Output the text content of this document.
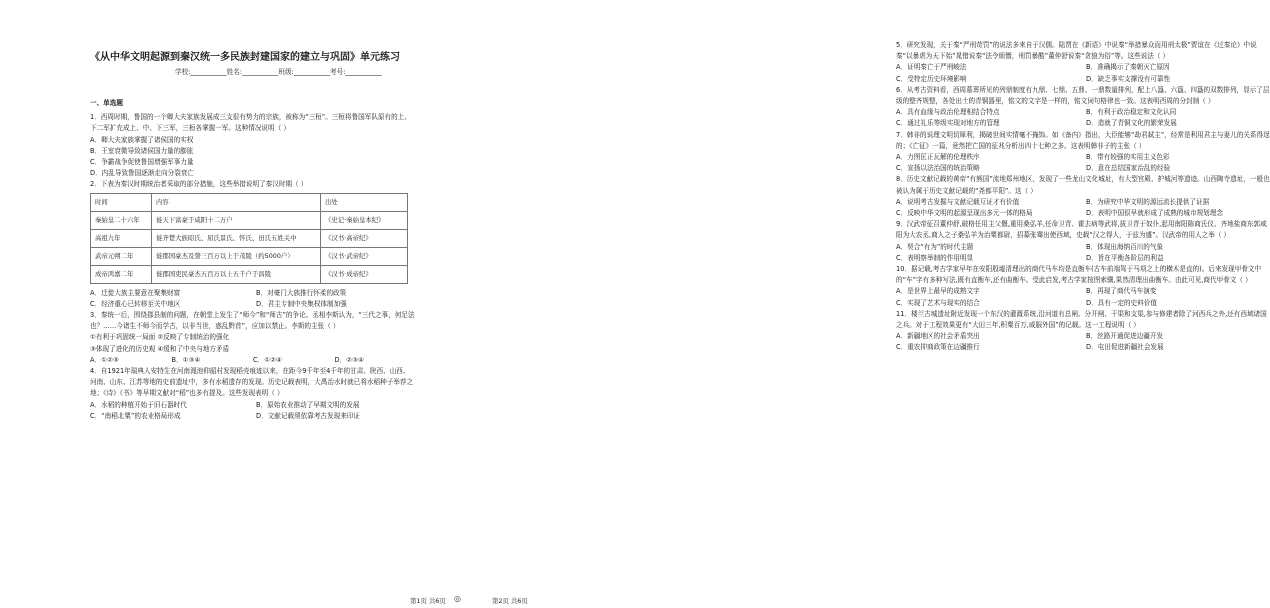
《从中华文明起源到秦汉统一多民族封建国家的建立与巩固》单元练习
学校:___________姓名:___________班级:___________考号:___________
一、单选题

1．西周时期，鲁国的一个卿大夫家族发展成三支很有势力的宗族，被称为“三桓”。三桓将鲁国军队原有的上、下二军扩充成上、中、下三军，三桓各掌握一军。这种情况说明（ ）

A．卿大夫家族掌握了诸侯国的实权
B．王室衰微导致诸侯国力量的膨胀
C．争霸战争促使鲁国增强军事力量
D．内乱导致鲁国逐渐走向分裂衰亡

2．下表为秦汉时期统治者采取的部分措施，这些举措说明了秦汉时期（ ）

时间	内容	出处
秦始皇二十六年	徙天下富豪于咸阳十二万户	《史记·秦始皇本纪》
高祖九年	徙齐楚大族昭氏、屈氏景氏、怀氏、田氏五姓关中	《汉书·高帝纪》
武帝元朔二年	徙郡国豪杰及訾三百万以上于茂陵（约5000户）	《汉书·武帝纪》
成帝鸿嘉二年	徙郡国吏民豪杰五百万以上五千户于昌陵	《汉书·成帝纪》
A．迁徙大族主要意在聚集财富	B．对豪门大族推行怀柔的政策
C．经济重心已转移至关中地区	D．君主专制中央集权体制加强

3．秦统一后，围绕郡县制的问题，在朝堂上发生了“师今”和“师古”的争论。丞相李斯认为，“三代之事，何足法也？……今诸生不师今而学古，以非当世，惑乱黔首”，应加以禁止。李斯的主张（ ）

①有利于巩固统一局面 ②反映了专制统治的强化

③体现了进化的历史观 ④缓和了中央与地方矛盾

A．①②③	B．①③④	C．①②④	D．②③④

4．自1921年瑞典人安特生在河南渑池仰韶村发现稻壳痕迹以来，在距今9千年至4千年的甘肃、陕西、山西、河南、山东、江苏等地的史前遗址中，多有水稻遗存的发现。历史记载表明，大禹治水时就已将水稻种子举荐之地；《诗》《书》等早期文献对“稻”也多有提及。这些发现表明（ ）

A．水稻的种植开始于旧石器时代	B．原始农业推动了早期文明的发展
C．“南稻北粟”的农业格局形成	D．文献记载须依靠考古发现来印证

5．研究发现，关于秦“严刑苛罚”的说法多来自于汉儒。陆贾在《新语》中说秦“举措暴众而用刑太极”贾谊在《过秦论》中说秦“以暴虐为天下始”晁错说秦“法令烦憯，刑罚暴酷”董仲舒说秦“贪狼为俗”等。这些说法（ ）

A．证明秦亡于严刑峻法	B．准确揭示了秦朝灭亡原因
C．受特定历史环境影响	D．缺乏事实支撑没有可靠性

6．从考古资料看，西周墓葬所见的列鼎制度有九鼎、七鼎、五鼎、一鼎数量排列，配上八簋、六簋、四簋的双数排列，显示了层级的整齐规整，各处出土的青铜器里，铭文的文字是一样的，铭文词句格律也一致。这表明西周的分封制（ ）

A．具有血缘与政治伦理相结合特点	B．有利于政治稳定和文化认同
C．通过礼乐等级实现对地方的管理	D．造就了青铜文化的繁荣发展

7．韩非的说理文明切犀利，揭破世间实情毫不掩饰。如《备内》指出，大臣能够“劫君弑主”，经常是利用君主与妻儿的关系得逞的；《亡征》一篇，竟然把亡国的征兆分析出四十七种之多。这表明韩非子的主张（ ）

A．力图匡正瓦解的伦理秩序	B．带有较强的实用主义色彩
C．宣扬以法治国的统治策略	D．意在总结国家治乱的经验

8．历史文献记载的黄帝“有熊国”流地郑州地区，发现了一些龙山文化城址，有大型宫殿、护城河等遗迹。山西陶寺遗址，一般也被认为属于历史文献记载的“尧都平阳”。这（ ）

A．说明考古发掘与文献记载互证才有价值	B．为研究中华文明的源远流长提供了证据
C．反映中华文明的起源呈现出多元一体的格局	D．表明中国很早就形成了成熟的城市规划理念

9．汉武帝征召董仲舒,破格任用主父偃,重用桑弘羊,任命卫青、霍去病等武将,拔卫青于奴仆,起用南阳陈商氏仪、齐地盐商东郭咸阳为大农丞,商人之子桑弘羊为治粟都尉，招募张骞出使西域，史载“汉之得人，于兹为盛”。汉武帝的用人之举（ ）

A．契合“有为”的时代主题	B．体现出海纳百川的气象
C．表明察举制的作用明显	D．旨在平衡各阶层的利益

10．据记载,考古学家早年在安阳殷墟清理出的商代马车均是直衡车(古车前端驾于马项之上的横木是直的)。后来发现甲骨文中的“车”字有多种写法,既有直衡车,还有曲衡车。受此启发,考古学家按图索骥,果然清理出曲衡车。由此可见,商代甲骨文（ ）

A．是世界上最早的成熟文字	B．再现了商代马车演变
C．实现了艺术与现实的结合	D．具有一定的史料价值

11．楼兰古城遗址附近发现一个东汉的灌溉系统,沿河道有总闸、分开闸、干渠和支渠,参与修建者除了河西兵之外,还有西域诸国之兵。对于工程效果更有“大田三年,积粟百万,威服外国”的记载。这一工程说明（ ）

A．新疆地区的社会矛盾突出	B．丝路开通促进边疆开发
C．重农抑商政策在边疆推行	D．屯田促进新疆社会发展
第1页 共6页 ◎	第2页 共6页
